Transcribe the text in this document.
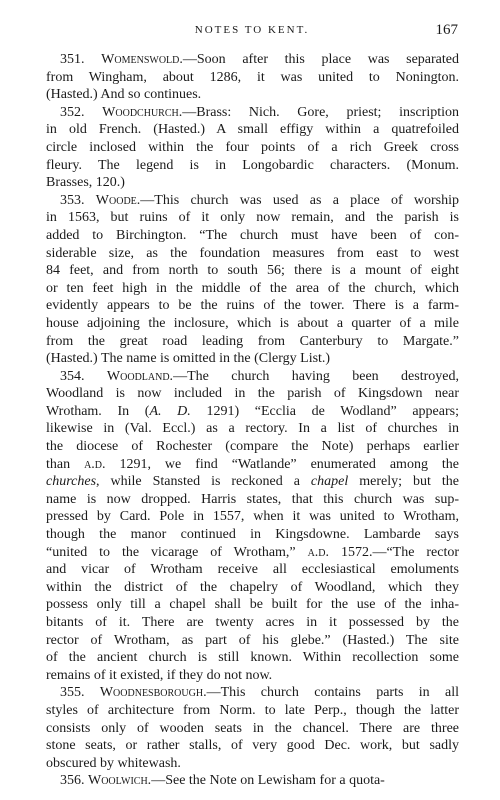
NOTES TO KENT.	167
351. Womenswold.—Soon after this place was separated
from Wingham, about 1286, it was united to Nonington.
(Hasted.) And so continues.
352. Woodchurch.—Brass: Nich. Gore, priest; inscription
in old French. (Hasted.) A small effigy within a quatrefoiled
circle inclosed within the four points of a rich Greek cross
fleury. The legend is in Longobardic characters. (Monum.
Brasses, 120.)
353. Woode.—This church was used as a place of worship
in 1563, but ruins of it only now remain, and the parish is
added to Birchington. “The church must have been of con-
siderable size, as the foundation measures from east to west
84 feet, and from north to south 56; there is a mount of eight
or ten feet high in the middle of the area of the church, which
evidently appears to be the ruins of the tower. There is a farm-
house adjoining the inclosure, which is about a quarter of a mile
from the great road leading from Canterbury to Margate.”
(Hasted.) The name is omitted in the (Clergy List.)
354. Woodland.—The church having been destroyed,
Woodland is now included in the parish of Kingsdown near
Wrotham. In (A. D. 1291) “Ecclia de Wodland” appears;
likewise in (Val. Eccl.) as a rectory. In a list of churches in
the diocese of Rochester (compare the Note) perhaps earlier
than a.d. 1291, we find “Watlande” enumerated among the
churches, while Stansted is reckoned a chapel merely; but the
name is now dropped. Harris states, that this church was sup-
pressed by Card. Pole in 1557, when it was united to Wrotham,
though the manor continued in Kingsdowne. Lambarde says
“united to the vicarage of Wrotham,” a.d. 1572.—“The rector
and vicar of Wrotham receive all ecclesiastical emoluments
within the district of the chapelry of Woodland, which they
possess only till a chapel shall be built for the use of the inha-
bitants of it. There are twenty acres in it possessed by the
rector of Wrotham, as part of his glebe.” (Hasted.) The site
of the ancient church is still known. Within recollection some
remains of it existed, if they do not now.
355. Woodnesborough.—This church contains parts in all
styles of architecture from Norm. to late Perp., though the latter
consists only of wooden seats in the chancel. There are three
stone seats, or rather stalls, of very good Dec. work, but sadly
obscured by whitewash.
356. Woolwich.—See the Note on Lewisham for a quota-
